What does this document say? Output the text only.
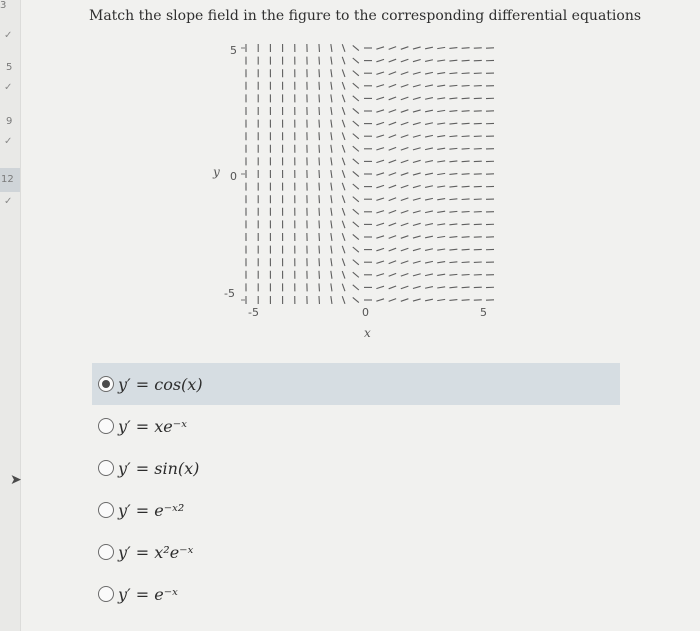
3
✓
5
✓
9
✓
12
✓
Match the slope field in the figure to the corresponding differential equations
5
0
-5
y
-5	0	5
x
y′ = cos(x)
y′ = xe⁻ˣ
y′ = sin(x)
y′ = e⁻ˣ²
y′ = x²e⁻ˣ
y′ = e⁻ˣ
➤
